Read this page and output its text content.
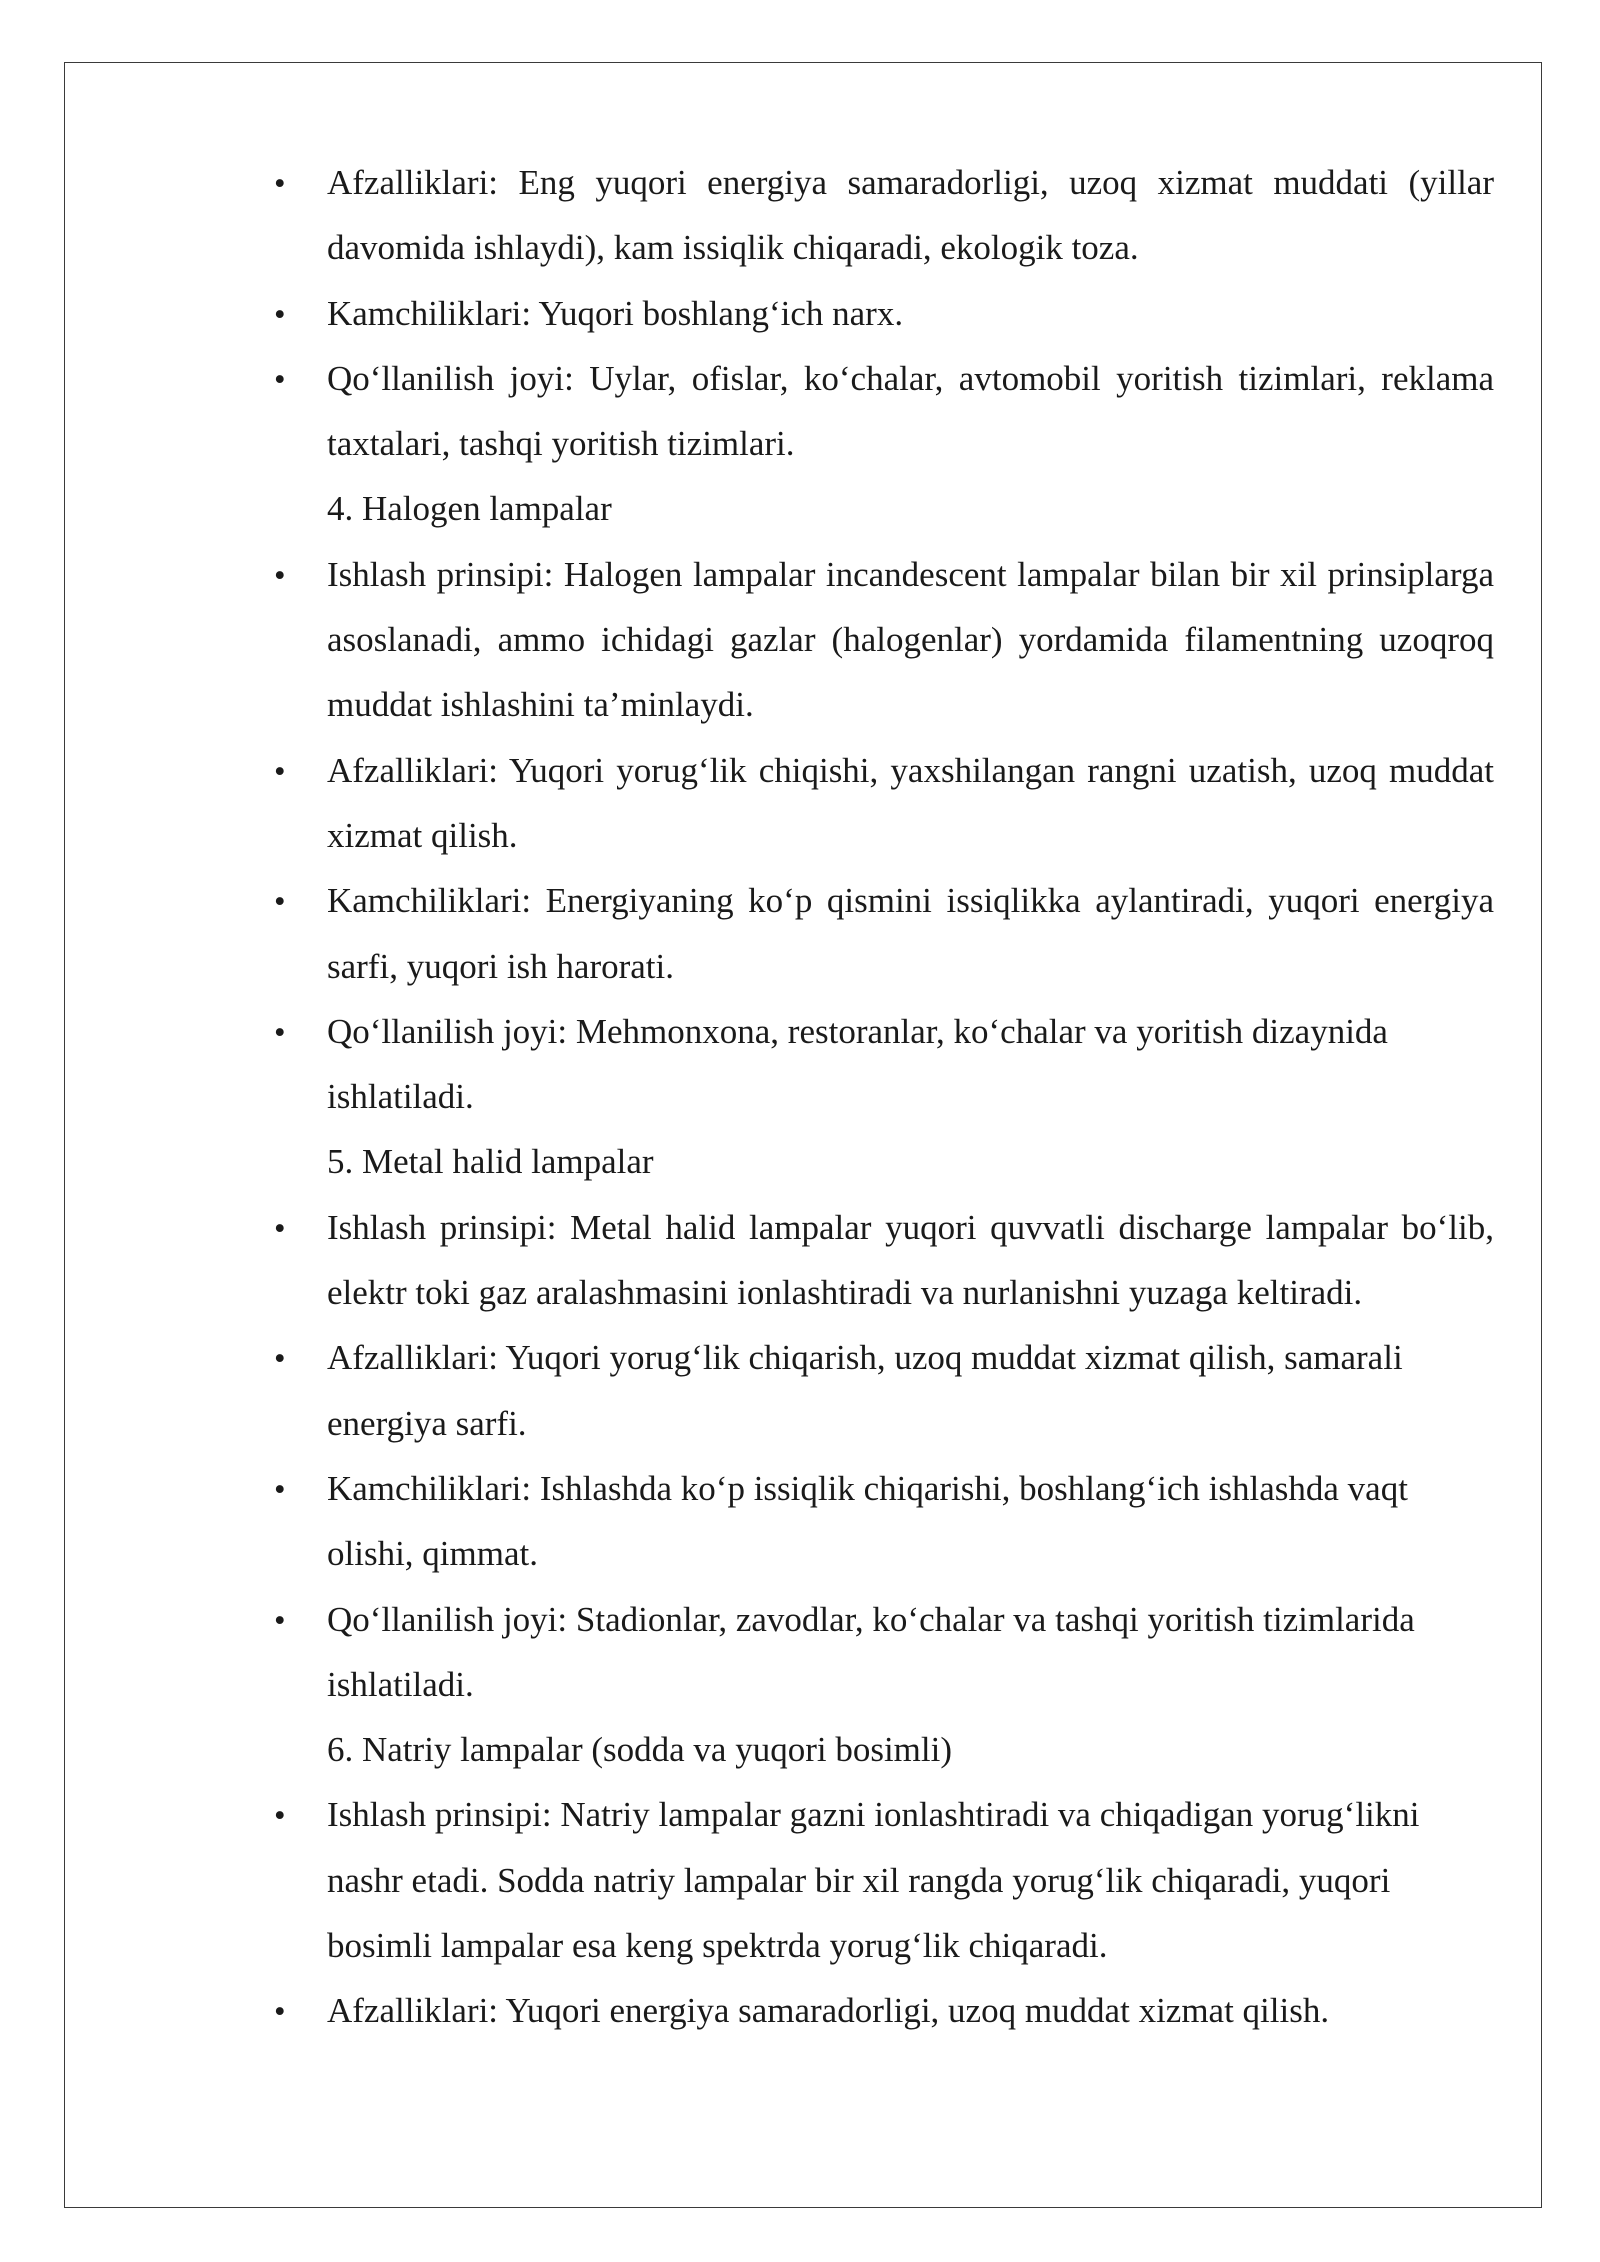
•
Afzalliklari: Eng yuqori energiya samaradorligi, uzoq xizmat muddati (yillar davomida ishlaydi), kam issiqlik chiqaradi, ekologik toza.
•
Kamchiliklari: Yuqori boshlang‘ich narx.
•
Qo‘llanilish joyi: Uylar, ofislar, ko‘chalar, avtomobil yoritish tizimlari, reklama taxtalari, tashqi yoritish tizimlari.
4. Halogen lampalar
•
Ishlash prinsipi: Halogen lampalar incandescent lampalar bilan bir xil prinsiplarga asoslanadi, ammo ichidagi gazlar (halogenlar) yordamida filamentning uzoqroq muddat ishlashini ta’minlaydi.
•
Afzalliklari: Yuqori yorug‘lik chiqishi, yaxshilangan rangni uzatish, uzoq muddat xizmat qilish.
•
Kamchiliklari: Energiyaning ko‘p qismini issiqlikka aylantiradi, yuqori energiya sarfi, yuqori ish harorati.
•
Qo‘llanilish joyi: Mehmonxona, restoranlar, ko‘chalar va yoritish dizaynida ishlatiladi.
5. Metal halid lampalar
•
Ishlash prinsipi: Metal halid lampalar yuqori quvvatli discharge lampalar bo‘lib, elektr toki gaz aralashmasini ionlashtiradi va nurlanishni yuzaga keltiradi.
•
Afzalliklari: Yuqori yorug‘lik chiqarish, uzoq muddat xizmat qilish, samarali energiya sarfi.
•
Kamchiliklari: Ishlashda ko‘p issiqlik chiqarishi, boshlang‘ich ishlashda vaqt olishi, qimmat.
•
Qo‘llanilish joyi: Stadionlar, zavodlar, ko‘chalar va tashqi yoritish tizimlarida ishlatiladi.
6. Natriy lampalar (sodda va yuqori bosimli)
•
Ishlash prinsipi: Natriy lampalar gazni ionlashtiradi va chiqadigan yorug‘likni nashr etadi. Sodda natriy lampalar bir xil rangda yorug‘lik chiqaradi, yuqori bosimli lampalar esa keng spektrda yorug‘lik chiqaradi.
•
Afzalliklari: Yuqori energiya samaradorligi, uzoq muddat xizmat qilish.
